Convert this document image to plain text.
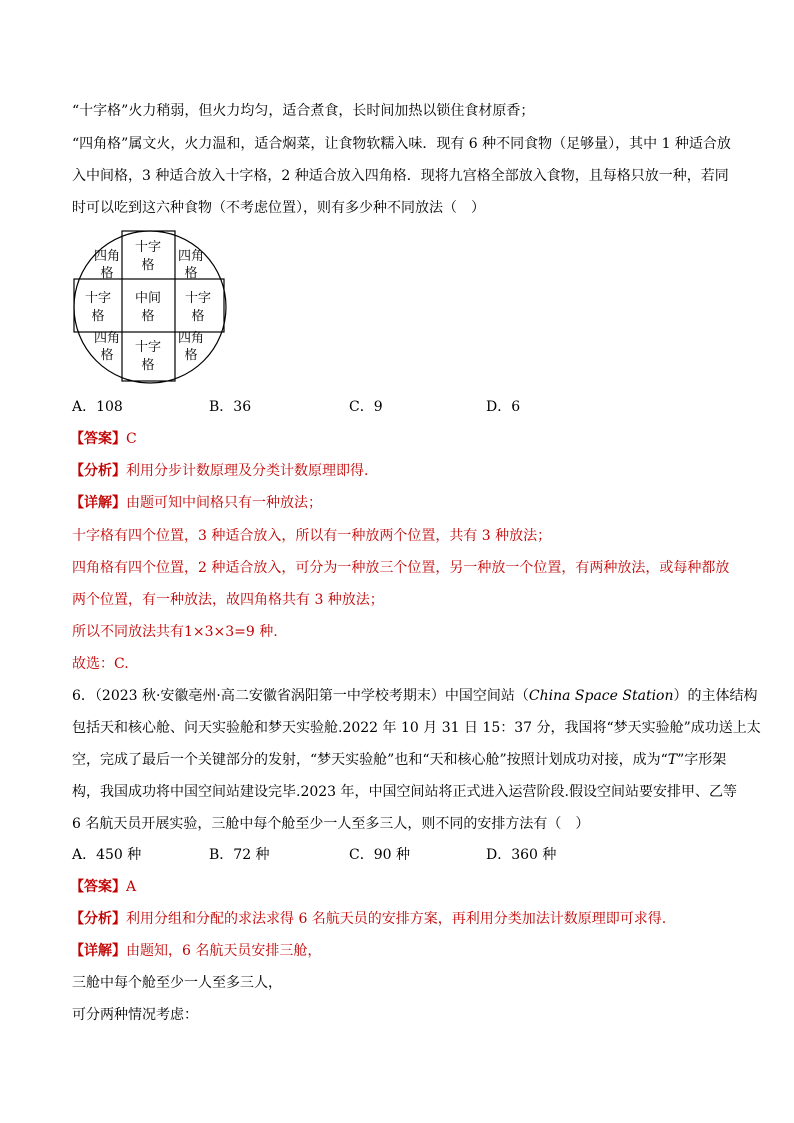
“十字格”火力稍弱，但火力均匀，适合煮食，长时间加热以锁住食材原香；
“四角格”属文火，火力温和，适合焖菜，让食物软糯入味．现有 6 种不同食物（足够量），其中 1 种适合放
入中间格，3 种适合放入十字格，2 种适合放入四角格．现将九宫格全部放入食物，且每格只放一种，若同
时可以吃到这六种食物（不考虑位置），则有多少种不同放法（　）
十字
格
四角
格
四角
格
十字
格
中间
格
十字
格
四角
格
十字
格
四角
格
A．108	B．36	C．9	D．6
【答案】C
【分析】利用分步计数原理及分类计数原理即得.
【详解】由题可知中间格只有一种放法；
十字格有四个位置，3 种适合放入，所以有一种放两个位置，共有 3 种放法；
四角格有四个位置，2 种适合放入，可分为一种放三个位置，另一种放一个位置，有两种放法，或每种都放
两个位置，有一种放法，故四角格共有 3 种放法；
所以不同放法共有1×3×3=9 种.
故选：C.
6．（2023 秋·安徽亳州·高二安徽省涡阳第一中学校考期末）中国空间站（China Space Station）的主体结构
包括天和核心舱、问天实验舱和梦天实验舱.2022 年 10 月 31 日 15：37 分，我国将“梦天实验舱”成功送上太
空，完成了最后一个关键部分的发射，“梦天实验舱”也和“天和核心舱”按照计划成功对接，成为“T”字形架
构，我国成功将中国空间站建设完毕.2023 年，中国空间站将正式进入运营阶段.假设空间站要安排甲、乙等
6 名航天员开展实验，三舱中每个舱至少一人至多三人，则不同的安排方法有（　）
A．450 种	B．72 种	C．90 种	D．360 种
【答案】A
【分析】利用分组和分配的求法求得 6 名航天员的安排方案，再利用分类加法计数原理即可求得.
【详解】由题知，6 名航天员安排三舱，
三舱中每个舱至少一人至多三人，
可分两种情况考虑：
